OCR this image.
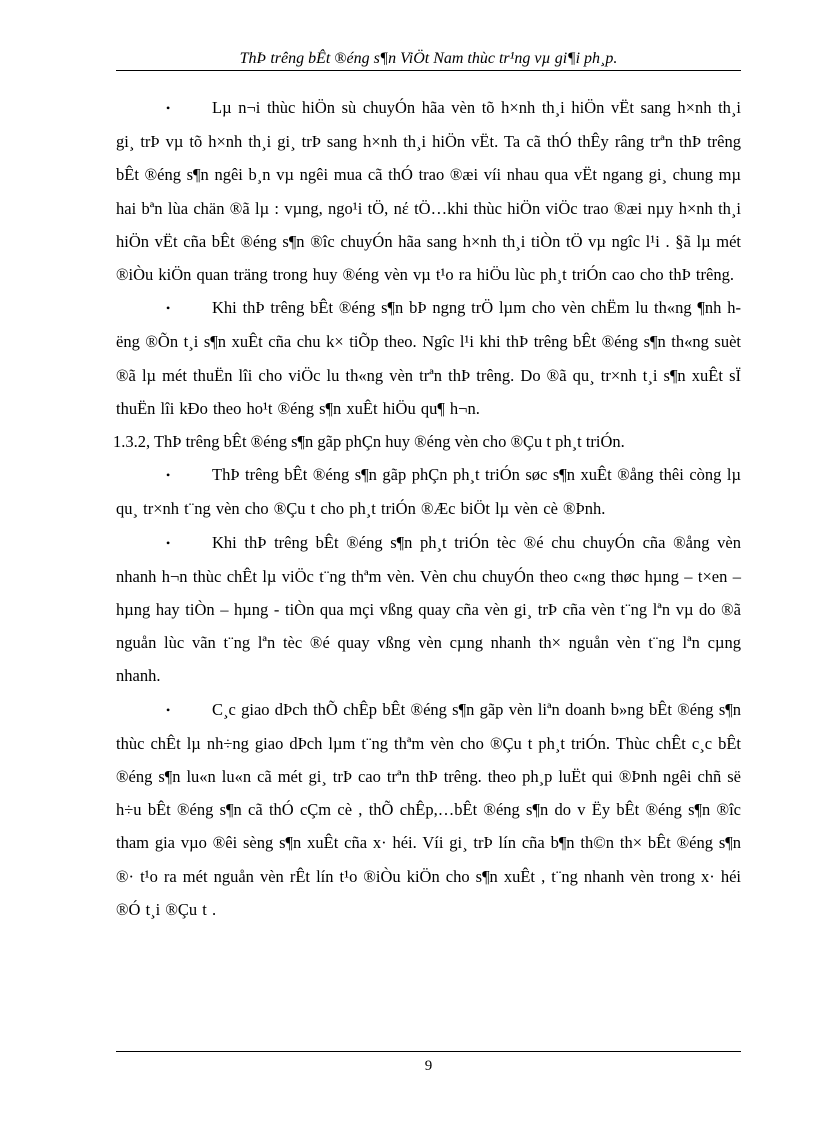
ThÞ trêng bÊt ®éng s¶n ViÖt Nam thùc tr¹ng vµ gi¶i ph¸p.

•	Lµ n¬i thùc hiÖn sù chuyÓn hãa vèn tõ h×nh th¸i hiÖn vËt sang h×nh th¸i gi¸ trÞ vµ tõ h×nh th¸i gi¸ trÞ sang h×nh th¸i hiÖn vËt. Ta cã thÓ thÊy râng trªn thÞ trêng bÊt ®éng s¶n ngêi b¸n vµ ngêi mua cã thÓ trao ®æi víi nhau qua vËt ngang gi¸ chung mµ hai bªn lùa chän ®ã lµ : vµng, ngo¹i tÖ, nέ tÖ…khi thùc hiÖn viÖc trao ®æi nµy h×nh th¸i hiÖn vËt cña bÊt ®éng s¶n ®îc chuyÓn hãa sang h×nh th¸i tiÒn tÖ vµ ngîc l¹i . §ã lµ mét ®iÒu kiÖn quan träng trong huy ®éng vèn vµ t¹o ra hiÖu lùc ph¸t triÓn cao cho thÞ trêng.

•	Khi thÞ trêng bÊt ®éng s¶n bÞ ngng trÖ lµm cho vèn chËm lu th«ng ¶nh hëng ®Õn t¸i s¶n xuÊt cña chu k× tiÕp theo. Ngîc l¹i khi thÞ trêng bÊt ®éng s¶n th«ng suèt ®ã lµ mét thuËn lîi cho viÖc lu th«ng vèn trªn thÞ trêng. Do ®ã qu¸ tr×nh t¸i s¶n xuÊt sÏ thuËn lîi kÐo theo ho¹t ®éng s¶n xuÊt hiÖu qu¶ h¬n.

1.3.2, ThÞ trêng bÊt ®éng s¶n gãp phÇn huy ®éng vèn cho ®Çu t ph¸t triÓn.

•	ThÞ trêng bÊt ®éng s¶n gãp phÇn ph¸t triÓn søc s¶n xuÊt ®ång thêi còng lµ qu¸ tr×nh t¨ng vèn cho ®Çu t cho ph¸t triÓn ®Æc biÖt lµ vèn cè ®Þnh.

•	Khi thÞ trêng bÊt ®éng s¶n ph¸t triÓn tèc ®é chu chuyÓn cña ®ång vèn nhanh h¬n thùc chÊt lµ viÖc t¨ng thªm vèn. Vèn chu chuyÓn theo c«ng thøc hµng – t×en – hµng hay tiÒn – hµng - tiÒn qua mçi vßng quay cña vèn gi¸ trÞ cña vèn t¨ng lªn vµ do ®ã nguån lùc vãn t¨ng lªn tèc ®é quay vßng vèn cµng nhanh th× nguån vèn t¨ng lªn cµng nhanh.

•	C¸c giao dÞch thÕ chÊp bÊt ®éng s¶n gãp vèn liªn doanh b»ng bÊt ®éng s¶n thùc chÊt lµ nh÷ng giao dÞch lµm t¨ng thªm vèn cho ®Çu t ph¸t triÓn. Thùc chÊt c¸c bÊt ®éng s¶n lu«n lu«n cã mét gi¸ trÞ cao trªn thÞ trêng. theo ph¸p luËt qui ®Þnh ngêi chñ së h÷u bÊt ®éng s¶n cã thÓ cÇm cè , thÕ chÊp,…bÊt ®éng s¶n do v Ëy bÊt ®éng s¶n ®îc tham gia vµo ®êi sèng s¶n xuÊt cña x· héi. Víi gi¸ trÞ lín cña b¶n th©n th× bÊt ®éng s¶n ®· t¹o ra mét nguån vèn rÊt lín t¹o ®iÒu kiÖn cho s¶n xuÊt , t¨ng nhanh vèn trong x· héi ®Ó t¸i ®Çu t .

9
